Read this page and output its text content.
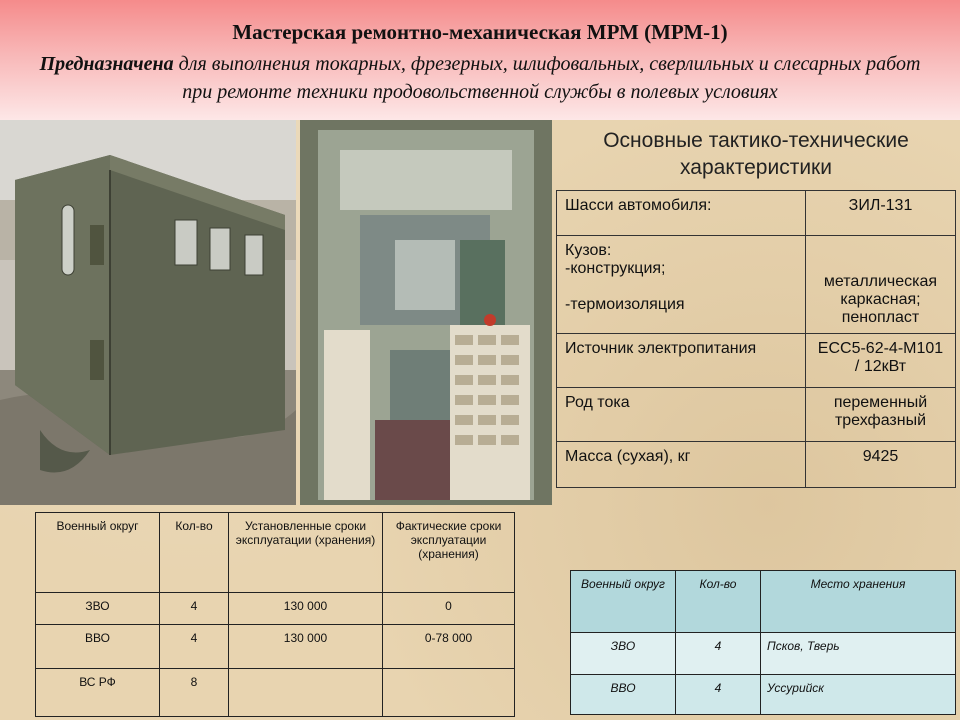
Мастерская ремонтно-механическая МРМ (МРМ-1)
Предназначена для выполнения токарных, фрезерных, шлифовальных, сверлильных и слесарных работ при ремонте техники продовольственной службы в полевых условиях
Основные тактико-технические характеристики
Шасси автомобиля:	ЗИЛ-131

Кузов:
-конструкция;
-термоизоляция	металлическая каркасная; пенопласт
Источник электропитания	ЕСС5-62-4-М101 / 12кВт
Род тока	переменный трехфазный
Масса (сухая), кг	9425
Военный округ	Кол-во	Установленные сроки эксплуатации (хранения)	Фактические сроки эксплуатации (хранения)
ЗВО	4	130 000	0
ВВО	4	130 000	0-78 000
ВС РФ	8		
Военный округ	Кол-во	Место хранения
ЗВО	4	Псков, Тверь
ВВО	4	Уссурийск
